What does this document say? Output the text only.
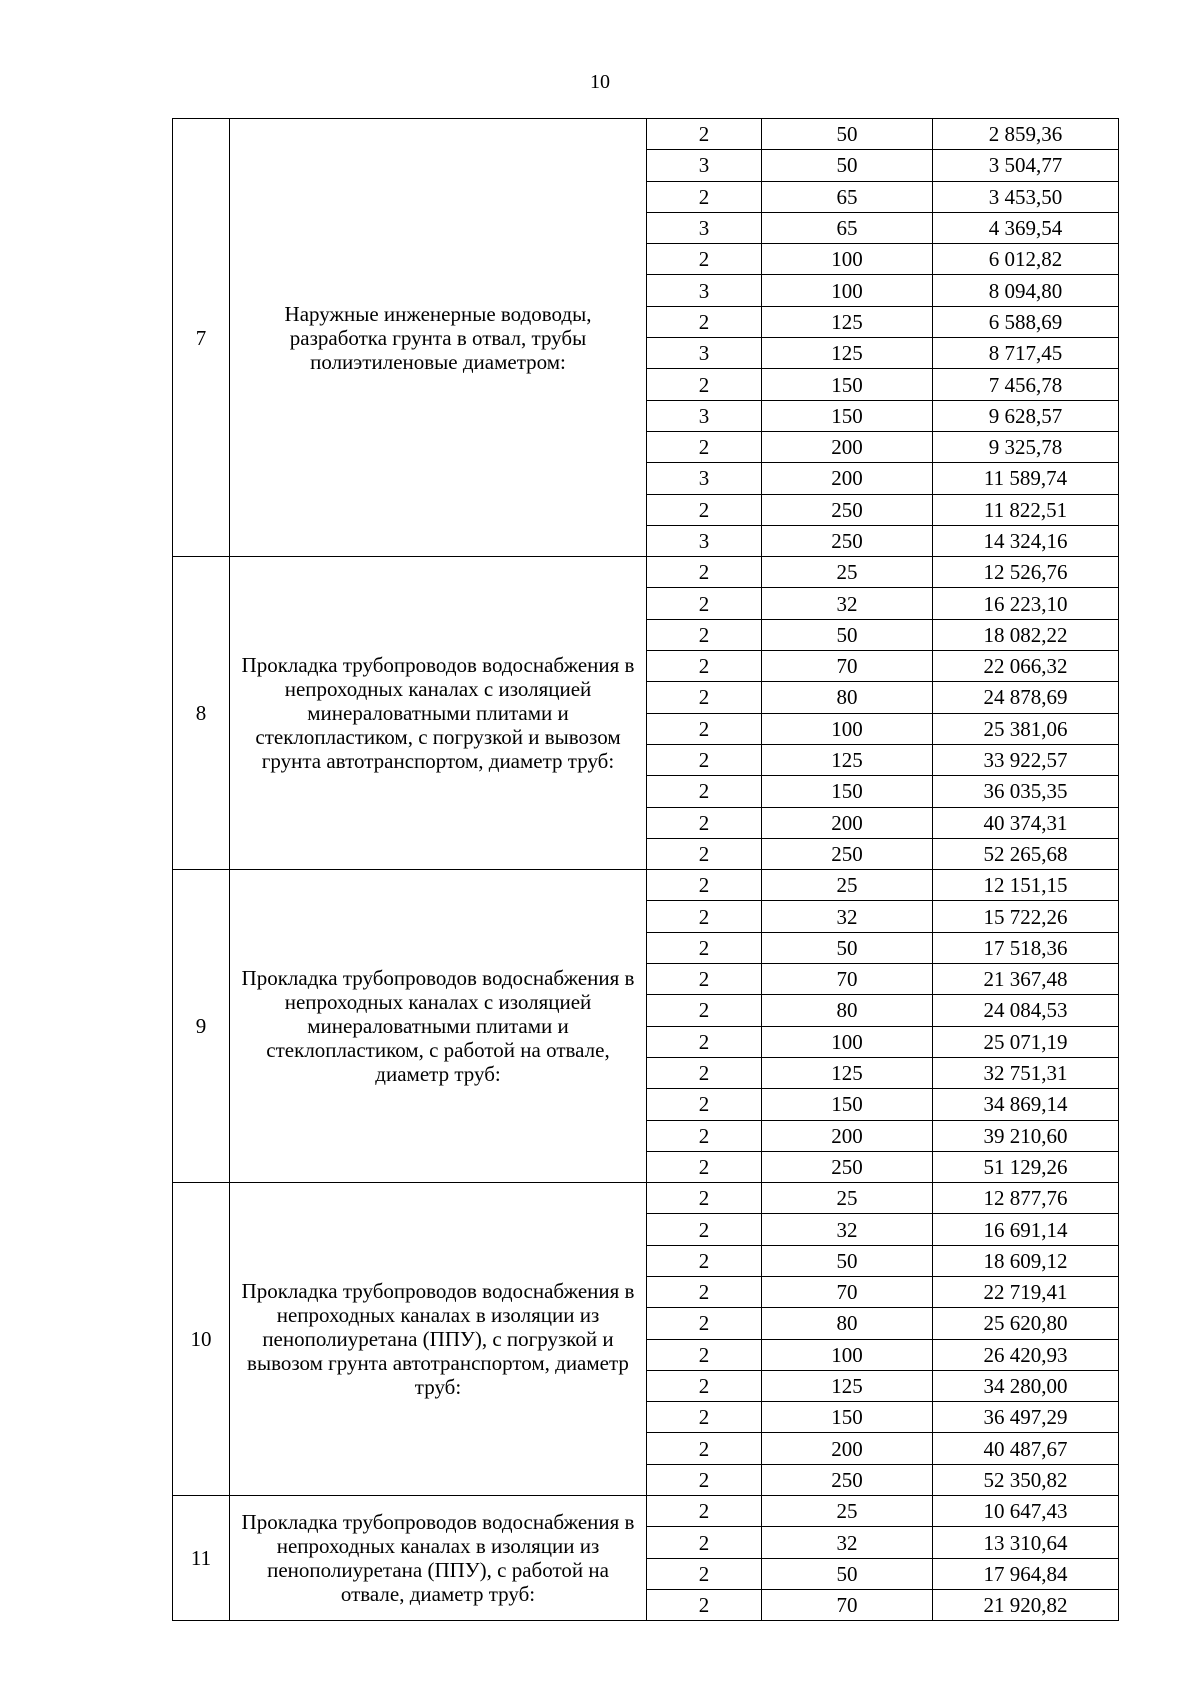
10
7	Наружные инженерные водоводы, разработка грунта в отвал, трубы полиэтиленовые диаметром:	2	50	2 859,36
		3	50	3 504,77
		2	65	3 453,50
		3	65	4 369,54
		2	100	6 012,82
		3	100	8 094,80
		2	125	6 588,69
		3	125	8 717,45
		2	150	7 456,78
		3	150	9 628,57
		2	200	9 325,78
		3	200	11 589,74
		2	250	11 822,51
		3	250	14 324,16
8	Прокладка трубопроводов водоснабжения в непроходных каналах с изоляцией минераловатными плитами и стеклопластиком, с погрузкой и вывозом грунта автотранспортом, диаметр труб:	2	25	12 526,76
		2	32	16 223,10
		2	50	18 082,22
		2	70	22 066,32
		2	80	24 878,69
		2	100	25 381,06
		2	125	33 922,57
		2	150	36 035,35
		2	200	40 374,31
		2	250	52 265,68
9	Прокладка трубопроводов водоснабжения в непроходных каналах с изоляцией минераловатными плитами и стеклопластиком, с работой на отвале, диаметр труб:	2	25	12 151,15
		2	32	15 722,26
		2	50	17 518,36
		2	70	21 367,48
		2	80	24 084,53
		2	100	25 071,19
		2	125	32 751,31
		2	150	34 869,14
		2	200	39 210,60
		2	250	51 129,26
10	Прокладка трубопроводов водоснабжения в непроходных каналах в изоляции из пенополиуретана (ППУ), с погрузкой и вывозом грунта автотранспортом, диаметр труб:	2	25	12 877,76
		2	32	16 691,14
		2	50	18 609,12
		2	70	22 719,41
		2	80	25 620,80
		2	100	26 420,93
		2	125	34 280,00
		2	150	36 497,29
		2	200	40 487,67
		2	250	52 350,82
11	Прокладка трубопроводов водоснабжения в непроходных каналах в изоляции из пенополиуретана (ППУ), с работой на отвале, диаметр труб:	2	25	10 647,43
		2	32	13 310,64
		2	50	17 964,84
		2	70	21 920,82
